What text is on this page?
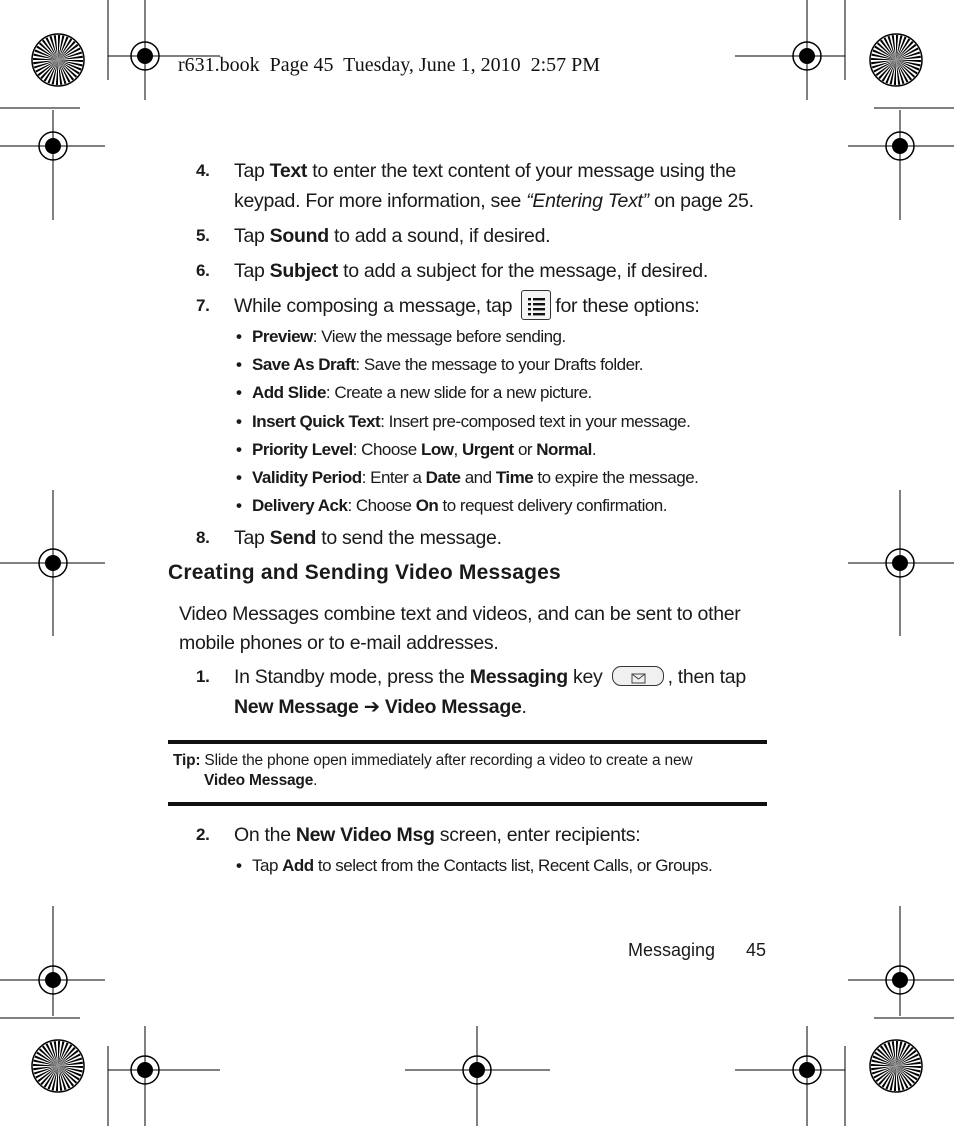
r631.book  Page 45  Tuesday, June 1, 2010  2:57 PM
4. Tap Text to enter the text content of your message using the keypad. For more information, see “Entering Text” on page 25.
5. Tap Sound to add a sound, if desired.
6. Tap Subject to add a subject for the message, if desired.
7. While composing a message, tap for these options:
• Preview: View the message before sending.
• Save As Draft: Save the message to your Drafts folder.
• Add Slide: Create a new slide for a new picture.
• Insert Quick Text: Insert pre-composed text in your message.
• Priority Level: Choose Low, Urgent or Normal.
• Validity Period: Enter a Date and Time to expire the message.
• Delivery Ack: Choose On to request delivery confirmation.
8. Tap Send to send the message.
Creating and Sending Video Messages
Video Messages combine text and videos, and can be sent to other mobile phones or to e-mail addresses.
1. In Standby mode, press the Messaging key	, then tap New Message ➔ Video Message.
Tip: Slide the phone open immediately after recording a video to create a new
Video Message.
2. On the New Video Msg screen, enter recipients:
• Tap Add to select from the Contacts list, Recent Calls, or Groups.
Messaging 45
